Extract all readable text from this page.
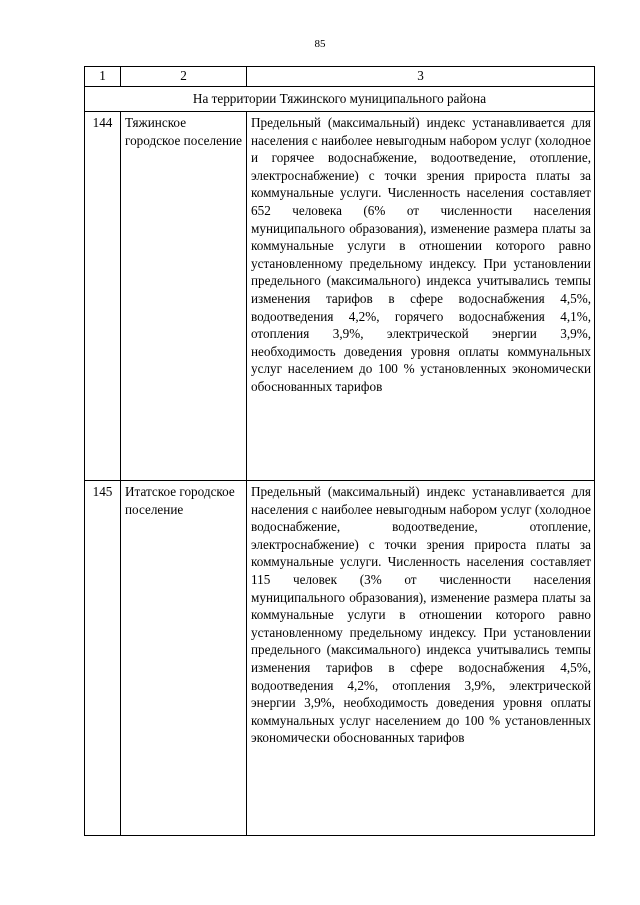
85
1	2	3
На территории Тяжинского муниципального района		
144	Тяжинское городское поселение	Предельный (максимальный) индекс устанавливается для населения с наиболее невыгодным набором услуг (холодное и горячее водоснабжение, водоотведение, отопление, электроснабжение) с точки зрения прироста платы за коммунальные услуги. Численность населения составляет 652 человека (6% от численности населения муниципального образования), изменение размера платы за коммунальные услуги в отношении которого равно установленному предельному индексу. При установлении предельного (максимального) индекса учитывались темпы изменения тарифов в сфере водоснабжения 4,5%, водоотведения 4,2%, горячего водоснабжения 4,1%, отопления 3,9%, электрической энергии 3,9%, необходимость доведения уровня оплаты коммунальных услуг населением до 100 % установленных экономически обоснованных тарифов
145	Итатское городское поселение	Предельный (максимальный) индекс устанавливается для населения с наиболее невыгодным набором услуг (холодное водоснабжение, водоотведение, отопление, электроснабжение) с точки зрения прироста платы за коммунальные услуги. Численность населения составляет 115 человек (3% от численности населения муниципального образования), изменение размера платы за коммунальные услуги в отношении которого равно установленному предельному индексу. При установлении предельного (максимального) индекса учитывались темпы изменения тарифов в сфере водоснабжения 4,5%, водоотведения 4,2%, отопления 3,9%, электрической энергии 3,9%, необходимость доведения уровня оплаты коммунальных услуг населением до 100 % установленных экономически обоснованных тарифов
